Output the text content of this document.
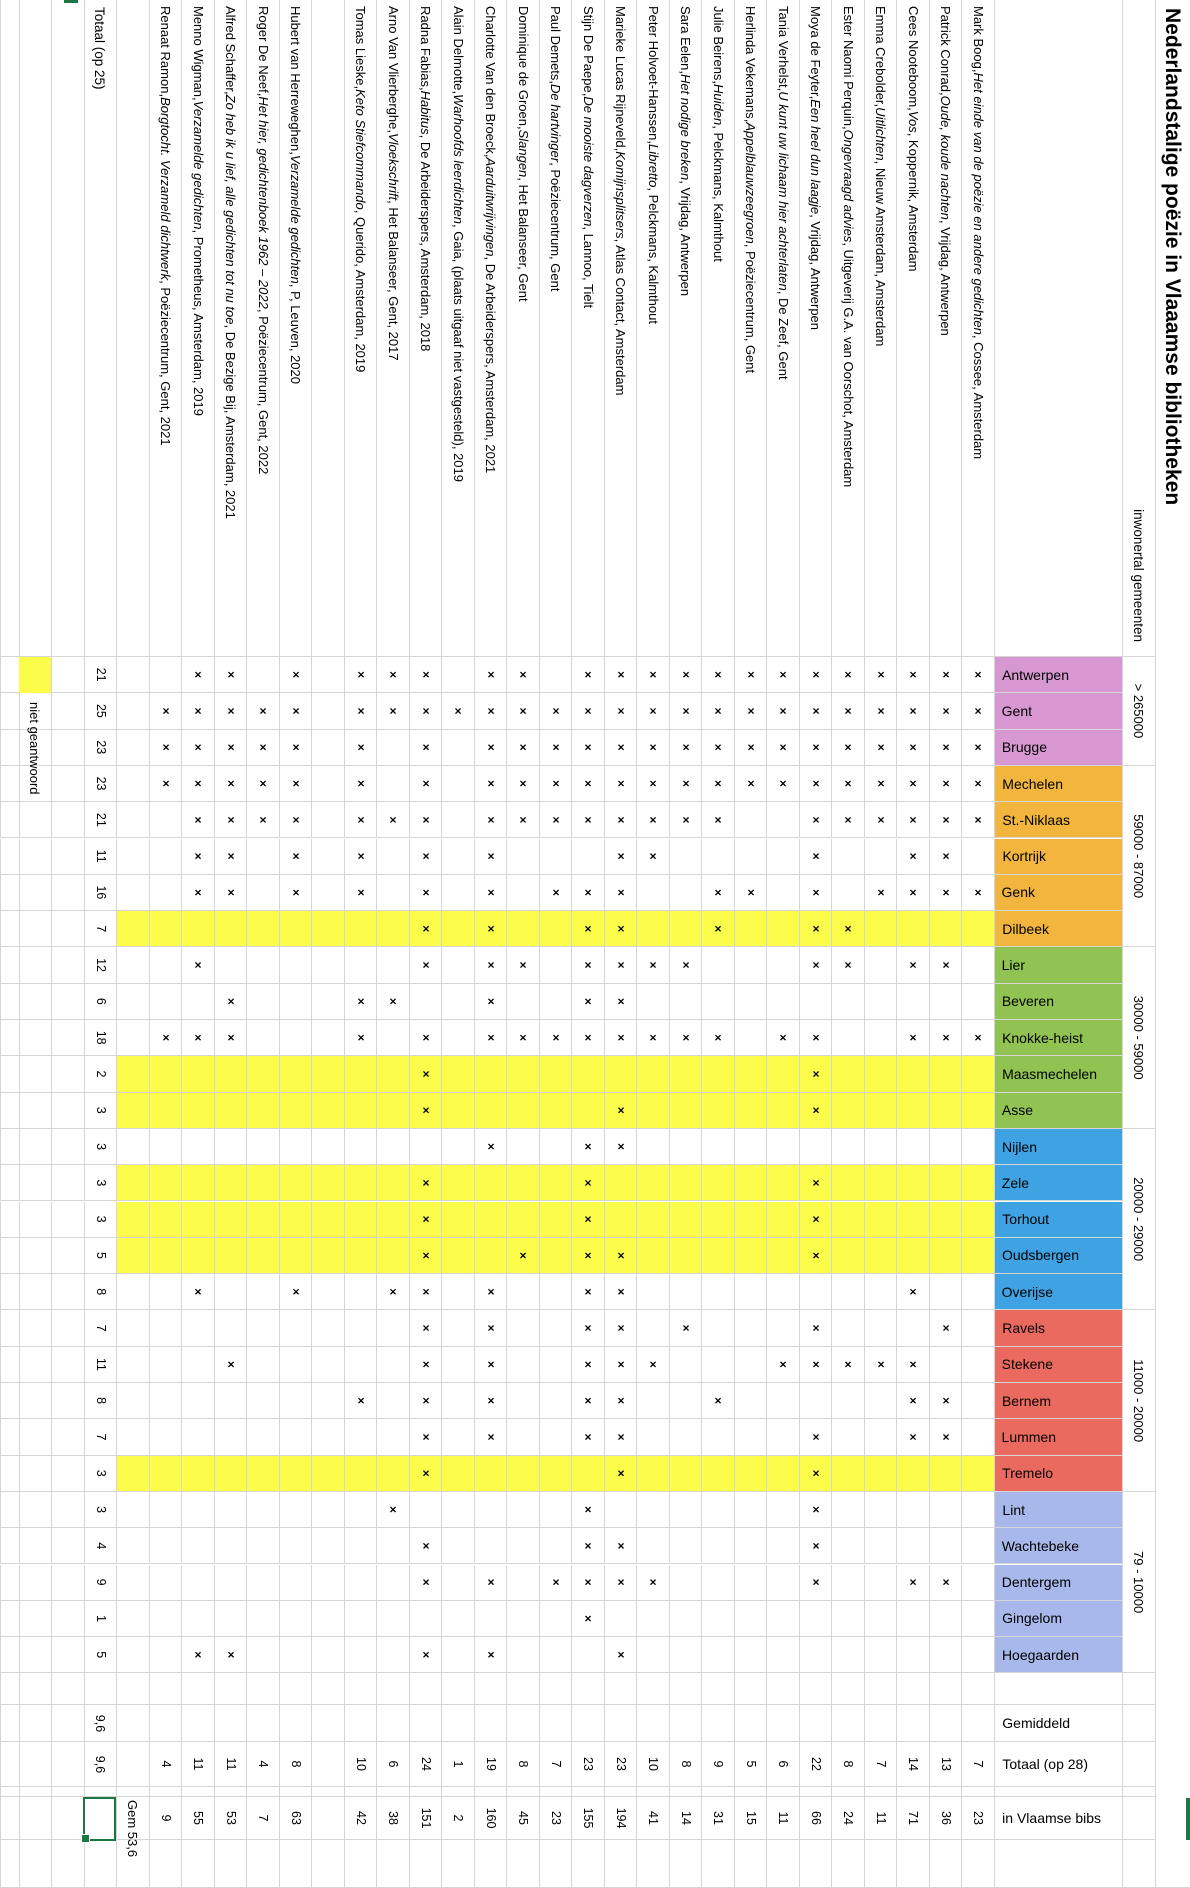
> 265000
59000 - 87000
30000 - 59000
20000 - 29000
11000 - 20000
79 - 10000
Antwerpen
Gent
Brugge
Mechelen
St.-Niklaas
Kortrijk
Genk
Dilbeek
Lier
Beveren
Knokke-heist
Maasmechelen
Asse
Nijlen
Zele
Torhout
Oudsbergen
Overijse
Ravels
Stekene
Bernem
Lummen
Tremelo
Lint
Wachtebeke
Dentergem
Gingelom
Hoegaarden
Gemiddeld
Totaal (op 28)
in Vlaamse bibs
Mark Boog,
Het einde van de poëzie en andere gedichten
, Cossee, Amsterdam
×
×
×
×
×
×
×
7
23
Patrick Conrad,
Oude, koude nachten
, Vrijdag, Antwerpen
×
×
×
×
×
×
×
×
×
×
×
×
×
13
36
Cees Nooteboom,
Vos
, Koppernik, Amsterdam
×
×
×
×
×
×
×
×
×
×
×
×
×
×
14
71
Emma Crebolder,
Uitlichten
, Nieuw Amsterdam, Amsterdam
×
×
×
×
×
×
×
7
11
Ester Naomi Perquin,
Ongevraagd advies
, Uitgeverij G.A. van Oorschot, Amsterdam
×
×
×
×
×
×
×
×
8
24
Moya de Feyter,
Een heel dun laagje
, Vrijdag, Antwerpen
×
×
×
×
×
×
×
×
×
×
×
×
×
×
×
×
×
×
×
×
×
×
22
66
Tania Verhelst,
U kunt uw lichaam hier achterlaten
, De Zeef, Gent
×
×
×
×
×
×
6
11
Herlinda Vekemans,
Appelblauwzeegroen
, Poëziecentrum, Gent
×
×
×
×
×
5
15
Julie Beirens,
Huiden
, Pelckmans, Kalmthout
×
×
×
×
×
×
×
×
×
9
31
Sara Eelen,
Het nodige breken
, Vrijdag, Antwerpen
×
×
×
×
×
×
×
×
8
14
Peter Holvoet-Hanssen,
Libretto
, Pelckmans, Kalmthout
×
×
×
×
×
×
×
×
×
×
10
41
Marieke Lucas Rijneveld,
Komijnsplitsers
, Atlas Contact, Amsterdam
×
×
×
×
×
×
×
×
×
×
×
×
×
×
×
×
×
×
×
×
×
×
×
23
194
Stijn De Paepe,
De mooiste dagverzen
, Lannoo, Tielt
×
×
×
×
×
×
×
×
×
×
×
×
×
×
×
×
×
×
×
×
×
×
×
23
155
Paul Demets,
De hartvinger
, Poëziecentrum, Gent
×
×
×
×
×
×
×
7
23
Dominique de Groen,
Slangen
, Het Balanseer, Gent
×
×
×
×
×
×
×
×
8
45
Charlotte Van den Broeck,
Aarduitwrijvingen
, De Arbeiderspers, Amsterdam, 2021
×
×
×
×
×
×
×
×
×
×
×
×
×
×
×
×
×
×
×
19
160
Alain Delmotte,
Warhoofds leerdichten
, Gaia, (plaats uitgaaf niet vastgesteld), 2019
×
1
2
Radna Fabias,
Habitus
, De Arbeiderspers, Amsterdam, 2018
×
×
×
×
×
×
×
×
×
×
×
×
×
×
×
×
×
×
×
×
×
×
×
×
24
151
Arno Van Vlierberghe,
Vloekschrift
, Het Balanseer, Gent, 2017
×
×
×
×
×
×
6
38
Tomas Lieske,
Keto Stiefcommando
, Querido, Amsterdam, 2019
×
×
×
×
×
×
×
×
×
×
10
42
Hubert van Herreweghen,
Verzamelde gedichten
, P, Leuven, 2020
×
×
×
×
×
×
×
×
8
63
Roger De Neef,
Het hier, gedichtenboek 1962 – 2022
, Poëziecentrum, Gent, 2022
×
×
×
×
4
7
Alfred Schaffer,
Zo heb ik u lief, alle gedichten tot nu toe
, De Bezige Bij, Amsterdam, 2021
×
×
×
×
×
×
×
×
×
×
×
11
53
Menno Wigman,
Verzamelde gedichten
, Prometheus, Amsterdam, 2019
×
×
×
×
×
×
×
×
×
×
×
11
55
Renaat Ramon,
Borgtocht. Verzameld dichtwerk
, Poëziecentrum, Gent, 2021
×
×
×
×
4
9
21
25
23
23
21
11
16
7
12
6
18
2
3
3
3
3
5
8
7
11
8
7
3
3
4
9
1
5
Nederlandstalige poëzie in Vlaaamse bibliotheken
inwonertal gemeenten
Totaal (op 25)
niet geantwoord
9,6
9,6
Gem 53,6
